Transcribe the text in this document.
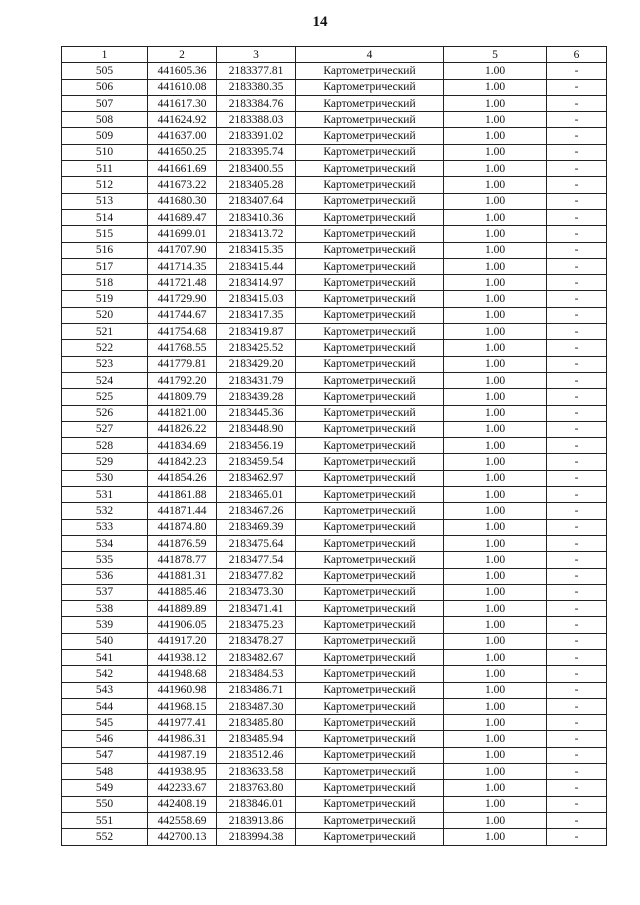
14
1	2	3	4	5	6
505	441605.36	2183377.81	Картометрический	1.00	-
506	441610.08	2183380.35	Картометрический	1.00	-
507	441617.30	2183384.76	Картометрический	1.00	-
508	441624.92	2183388.03	Картометрический	1.00	-
509	441637.00	2183391.02	Картометрический	1.00	-
510	441650.25	2183395.74	Картометрический	1.00	-
511	441661.69	2183400.55	Картометрический	1.00	-
512	441673.22	2183405.28	Картометрический	1.00	-
513	441680.30	2183407.64	Картометрический	1.00	-
514	441689.47	2183410.36	Картометрический	1.00	-
515	441699.01	2183413.72	Картометрический	1.00	-
516	441707.90	2183415.35	Картометрический	1.00	-
517	441714.35	2183415.44	Картометрический	1.00	-
518	441721.48	2183414.97	Картометрический	1.00	-
519	441729.90	2183415.03	Картометрический	1.00	-
520	441744.67	2183417.35	Картометрический	1.00	-
521	441754.68	2183419.87	Картометрический	1.00	-
522	441768.55	2183425.52	Картометрический	1.00	-
523	441779.81	2183429.20	Картометрический	1.00	-
524	441792.20	2183431.79	Картометрический	1.00	-
525	441809.79	2183439.28	Картометрический	1.00	-
526	441821.00	2183445.36	Картометрический	1.00	-
527	441826.22	2183448.90	Картометрический	1.00	-
528	441834.69	2183456.19	Картометрический	1.00	-
529	441842.23	2183459.54	Картометрический	1.00	-
530	441854.26	2183462.97	Картометрический	1.00	-
531	441861.88	2183465.01	Картометрический	1.00	-
532	441871.44	2183467.26	Картометрический	1.00	-
533	441874.80	2183469.39	Картометрический	1.00	-
534	441876.59	2183475.64	Картометрический	1.00	-
535	441878.77	2183477.54	Картометрический	1.00	-
536	441881.31	2183477.82	Картометрический	1.00	-
537	441885.46	2183473.30	Картометрический	1.00	-
538	441889.89	2183471.41	Картометрический	1.00	-
539	441906.05	2183475.23	Картометрический	1.00	-
540	441917.20	2183478.27	Картометрический	1.00	-
541	441938.12	2183482.67	Картометрический	1.00	-
542	441948.68	2183484.53	Картометрический	1.00	-
543	441960.98	2183486.71	Картометрический	1.00	-
544	441968.15	2183487.30	Картометрический	1.00	-
545	441977.41	2183485.80	Картометрический	1.00	-
546	441986.31	2183485.94	Картометрический	1.00	-
547	441987.19	2183512.46	Картометрический	1.00	-
548	441938.95	2183633.58	Картометрический	1.00	-
549	442233.67	2183763.80	Картометрический	1.00	-
550	442408.19	2183846.01	Картометрический	1.00	-
551	442558.69	2183913.86	Картометрический	1.00	-
552	442700.13	2183994.38	Картометрический	1.00	-
